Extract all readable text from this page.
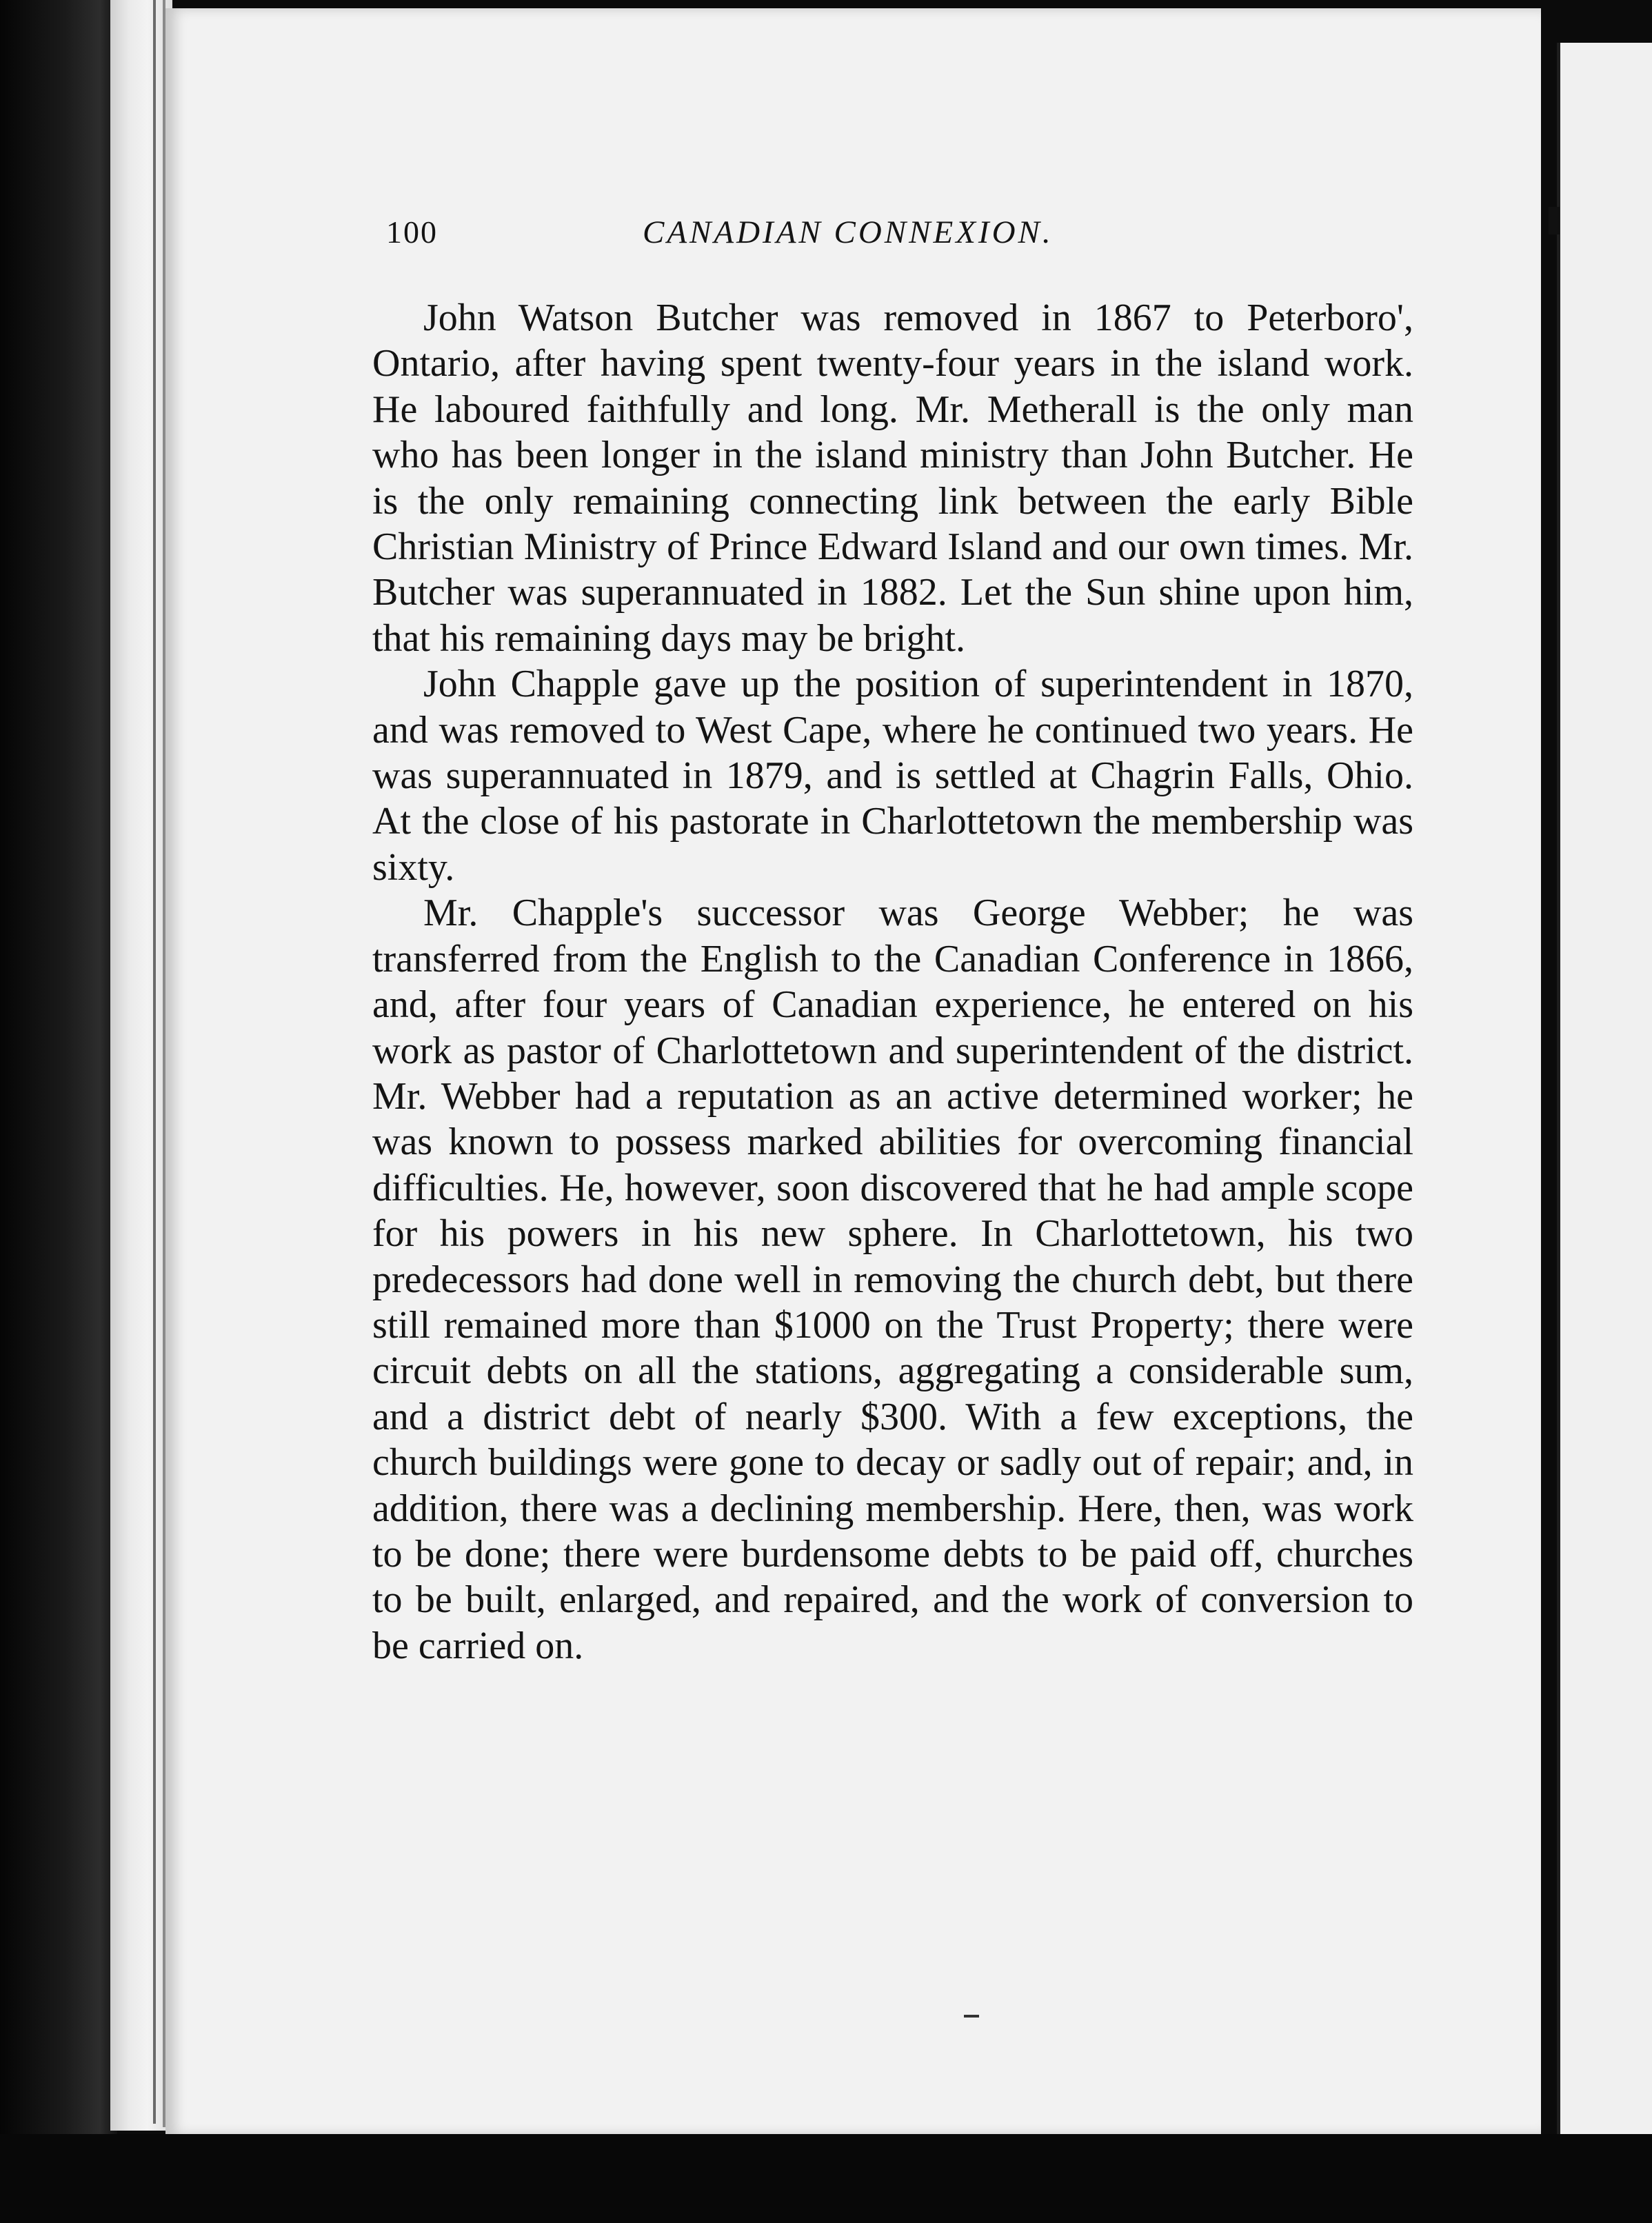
100	CANADIAN CONNEXION.

John Watson Butcher was removed in 1867 to Peterboro', Ontario, after having spent twenty-four years in the island work. He laboured faithfully and long. Mr. Metherall is the only man who has been longer in the island ministry than John Butcher. He is the only remaining connecting link between the early Bible Christian Ministry of Prince Edward Island and our own times. Mr. Butcher was superannuated in 1882. Let the Sun shine upon him, that his remaining days may be bright.

John Chapple gave up the position of superintendent in 1870, and was removed to West Cape, where he continued two years. He was superannuated in 1879, and is settled at Chagrin Falls, Ohio. At the close of his pastorate in Charlottetown the membership was sixty.

Mr. Chapple's successor was George Webber; he was transferred from the English to the Canadian Conference in 1866, and, after four years of Canadian experience, he entered on his work as pastor of Charlottetown and superintendent of the district. Mr. Webber had a reputation as an active determined worker; he was known to possess marked abilities for overcoming financial difficulties. He, however, soon discovered that he had ample scope for his powers in his new sphere. In Charlottetown, his two predecessors had done well in removing the church debt, but there still remained more than $1000 on the Trust Property; there were circuit debts on all the stations, aggregating a considerable sum, and a district debt of nearly $300. With a few exceptions, the church buildings were gone to decay or sadly out of repair; and, in addition, there was a declining membership. Here, then, was work to be done; there were burdensome debts to be paid off, churches to be built, enlarged, and repaired, and the work of conversion to be carried on.
